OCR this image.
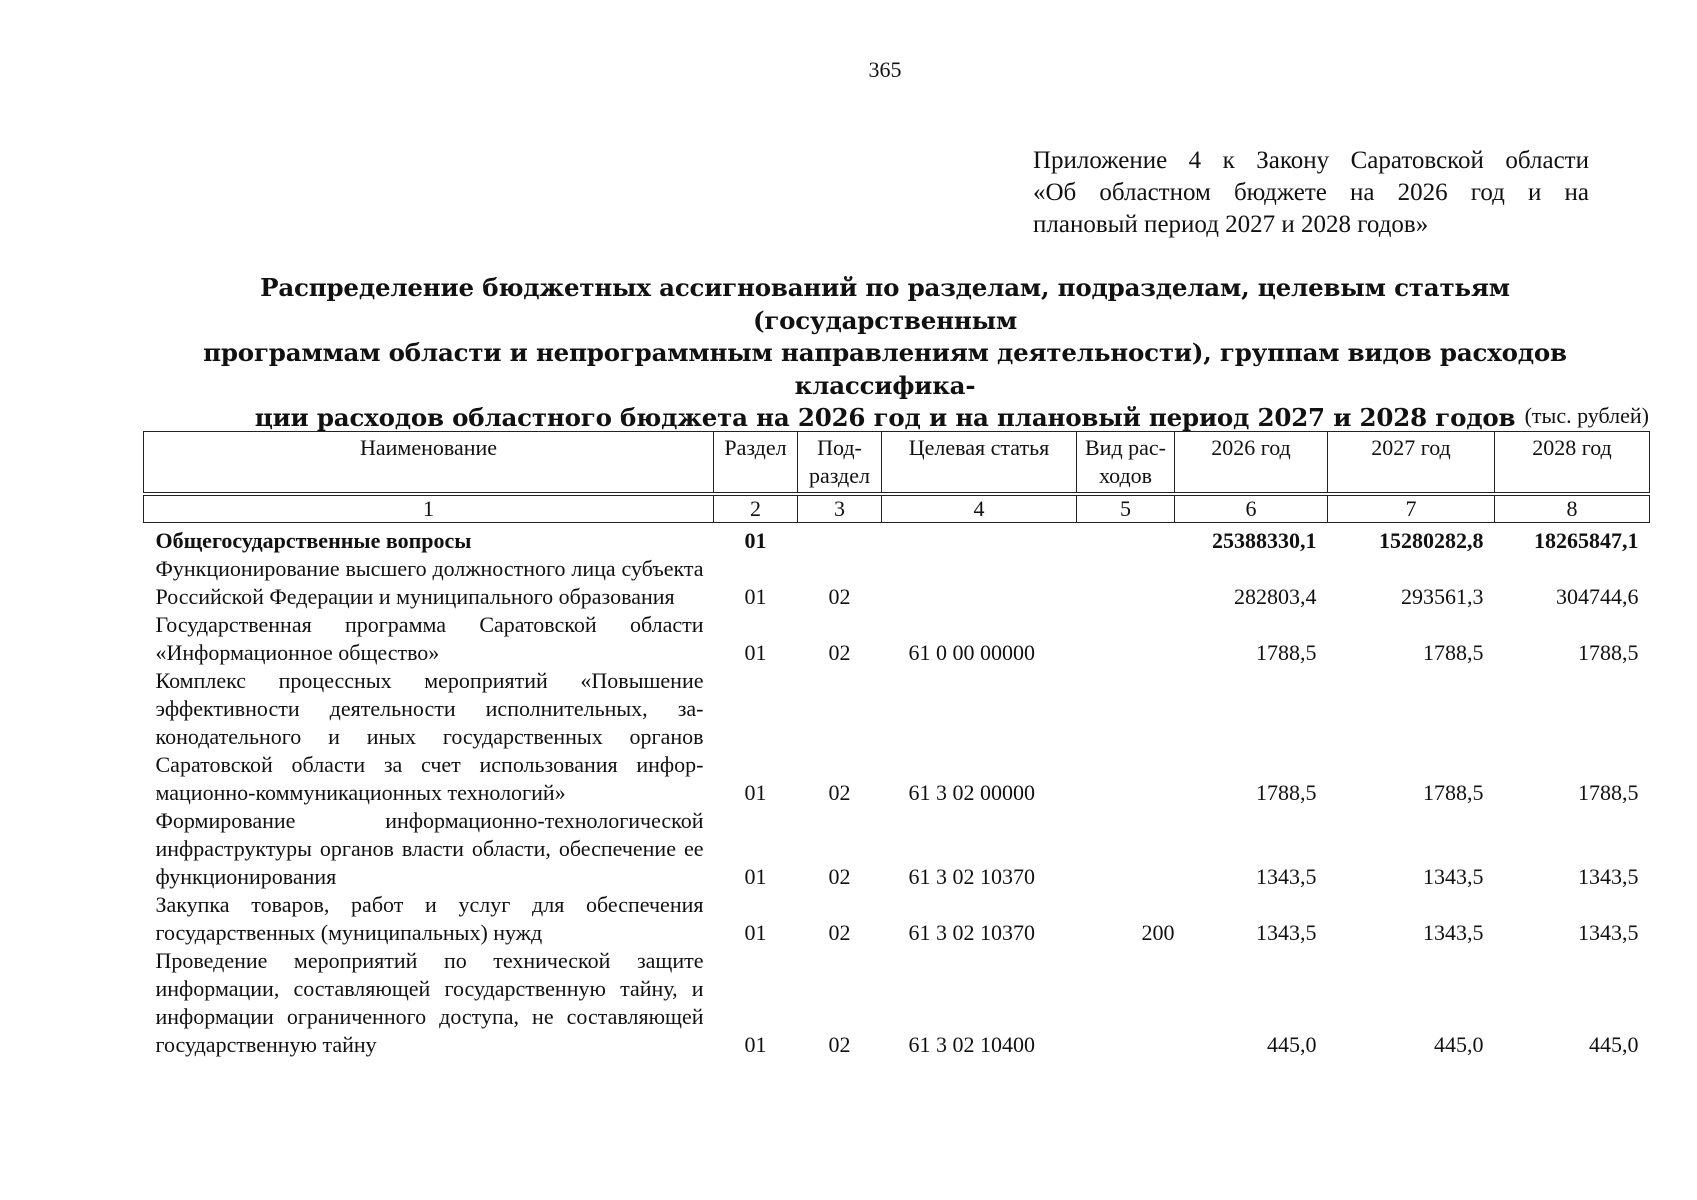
365
Приложение 4 к Закону Саратовской области
«Об областном бюджете на 2026 год и на
плановый период 2027 и 2028 годов»
Распределение бюджетных ассигнований по разделам, подразделам, целевым статьям (государственным
программам области и непрограммным направлениям деятельности), группам видов расходов классифика-
ции расходов областного бюджета на 2026 год и на плановый период 2027 и 2028 годов (тыс. рублей)
Наименование	Раздел	Под-раздел	Целевая статья	Вид рас-ходов	2026 год	2027 год	2028 год
1	2	3	4	5	6	7	8

Общегосударственные вопросы	01				25388330,1	15280282,8	18265847,1
Функционирование высшего должностного лица субъекта Российской Федерации и муниципального образования	01	02			282803,4	293561,3	304744,6
Государственная программа Саратовской области «Информационное общество»	01	02	61 0 00 00000		1788,5	1788,5	1788,5
Комплекс процессных мероприятий «Повышение эффективности деятельности исполнительных, законодательного и иных государственных органов Саратовской области за счет использования информационно-коммуникационных технологий»	01	02	61 3 02 00000		1788,5	1788,5	1788,5
Формирование информационно-технологической инфраструктуры органов власти области, обеспечение ее функционирования	01	02	61 3 02 10370		1343,5	1343,5	1343,5
Закупка товаров, работ и услуг для обеспечения государственных (муниципальных) нужд	01	02	61 3 02 10370	200	1343,5	1343,5	1343,5
Проведение мероприятий по технической защите информации, составляющей государственную тайну, и информации ограниченного доступа, не составляющей государственную тайну	01	02	61 3 02 10400		445,0	445,0	445,0
